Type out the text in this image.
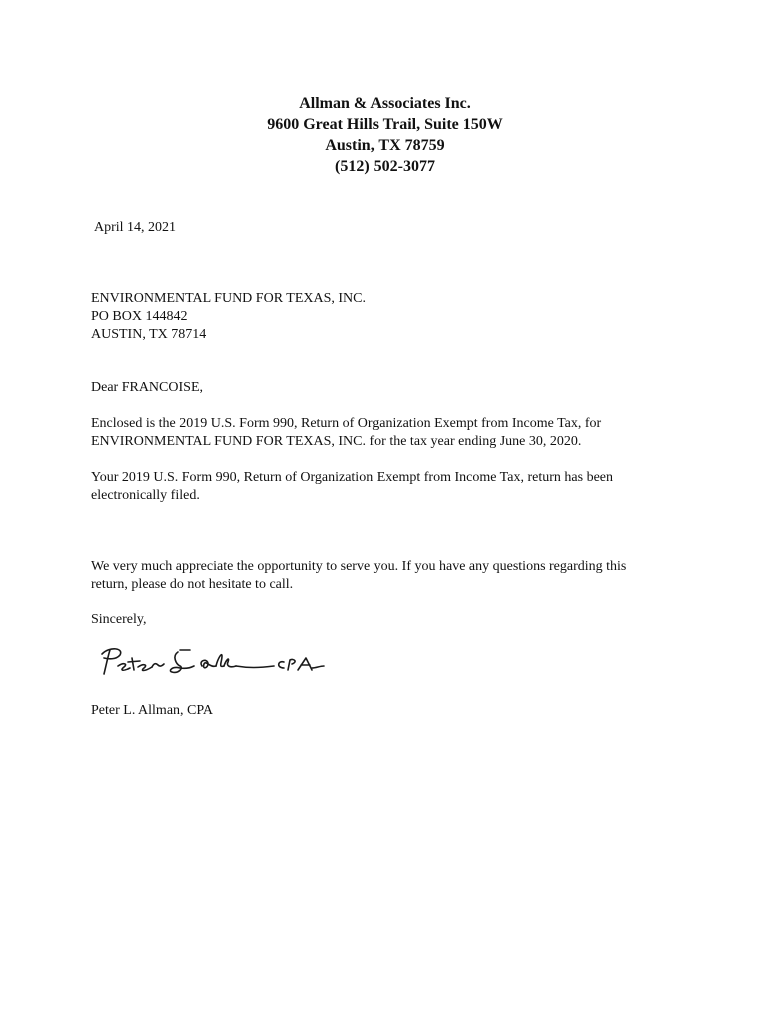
Allman & Associates Inc.
9600 Great Hills Trail, Suite 150W
Austin, TX 78759
(512) 502-3077
April 14, 2021
ENVIRONMENTAL FUND FOR TEXAS, INC.
PO BOX 144842
AUSTIN, TX 78714
Dear FRANCOISE,
Enclosed is the 2019 U.S. Form 990, Return of Organization Exempt from Income Tax, for
ENVIRONMENTAL FUND FOR TEXAS, INC. for the tax year ending June 30, 2020.
Your 2019 U.S. Form 990, Return of Organization Exempt from Income Tax, return has been
electronically filed.
We very much appreciate the opportunity to serve you. If you have any questions regarding this
return, please do not hesitate to call.
Sincerely,
Peter L. Allman, CPA
